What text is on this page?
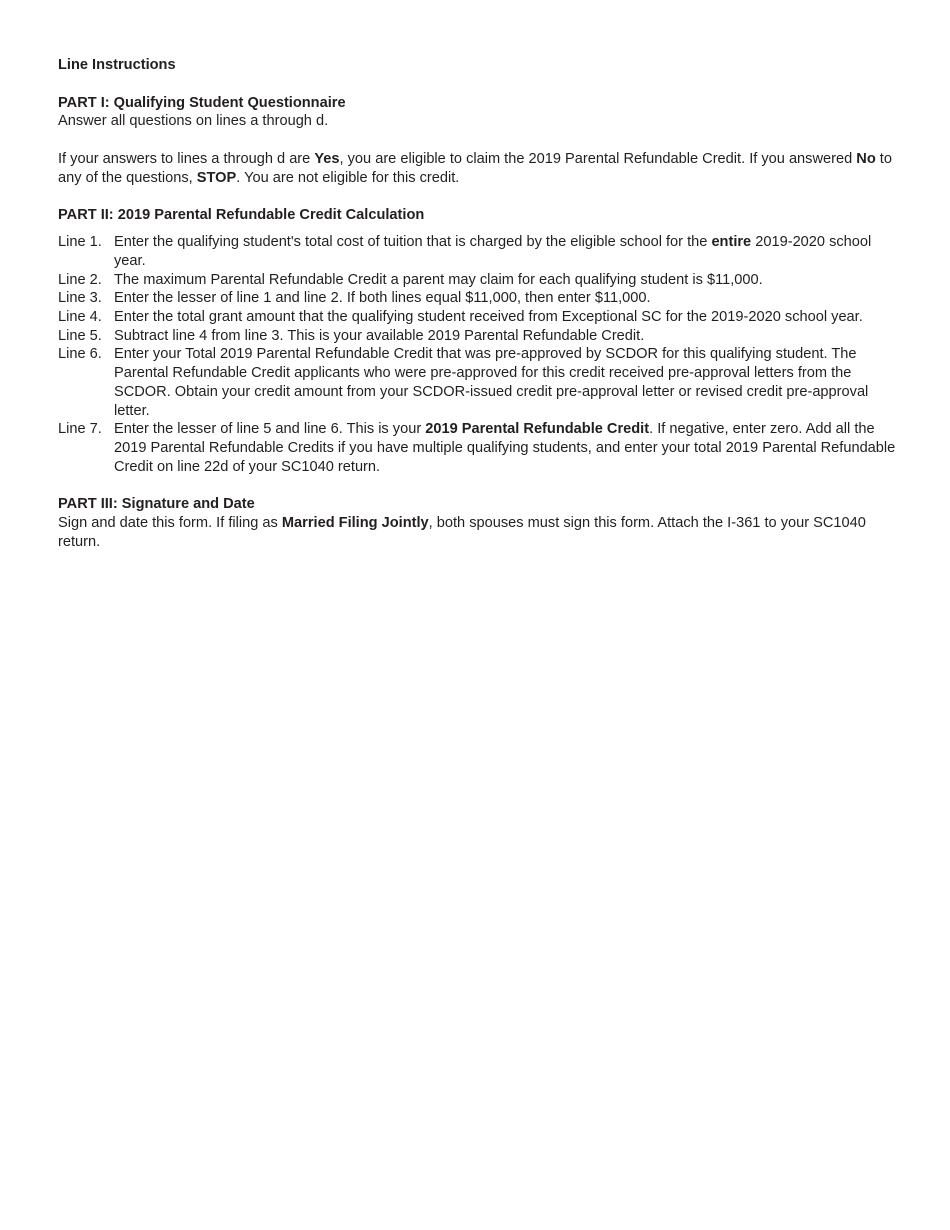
Line Instructions
PART I: Qualifying Student Questionnaire
Answer all questions on lines a through d.
If your answers to lines a through d are Yes, you are eligible to claim the 2019 Parental Refundable Credit. If you answered No to any of the questions, STOP. You are not eligible for this credit.
PART II: 2019 Parental Refundable Credit Calculation
Line 1. Enter the qualifying student's total cost of tuition that is charged by the eligible school for the entire 2019-2020 school year.
Line 2. The maximum Parental Refundable Credit a parent may claim for each qualifying student is $11,000.
Line 3. Enter the lesser of line 1 and line 2. If both lines equal $11,000, then enter $11,000.
Line 4. Enter the total grant amount that the qualifying student received from Exceptional SC for the 2019-2020 school year.
Line 5. Subtract line 4 from line 3. This is your available 2019 Parental Refundable Credit.
Line 6. Enter your Total 2019 Parental Refundable Credit that was pre-approved by SCDOR for this qualifying student. The Parental Refundable Credit applicants who were pre-approved for this credit received pre-approval letters from the SCDOR. Obtain your credit amount from your SCDOR-issued credit pre-approval letter or revised credit pre-approval letter.
Line 7. Enter the lesser of line 5 and line 6. This is your 2019 Parental Refundable Credit. If negative, enter zero. Add all the 2019 Parental Refundable Credits if you have multiple qualifying students, and enter your total 2019 Parental Refundable Credit on line 22d of your SC1040 return.
PART III: Signature and Date
Sign and date this form. If filing as Married Filing Jointly, both spouses must sign this form. Attach the I-361 to your SC1040 return.
